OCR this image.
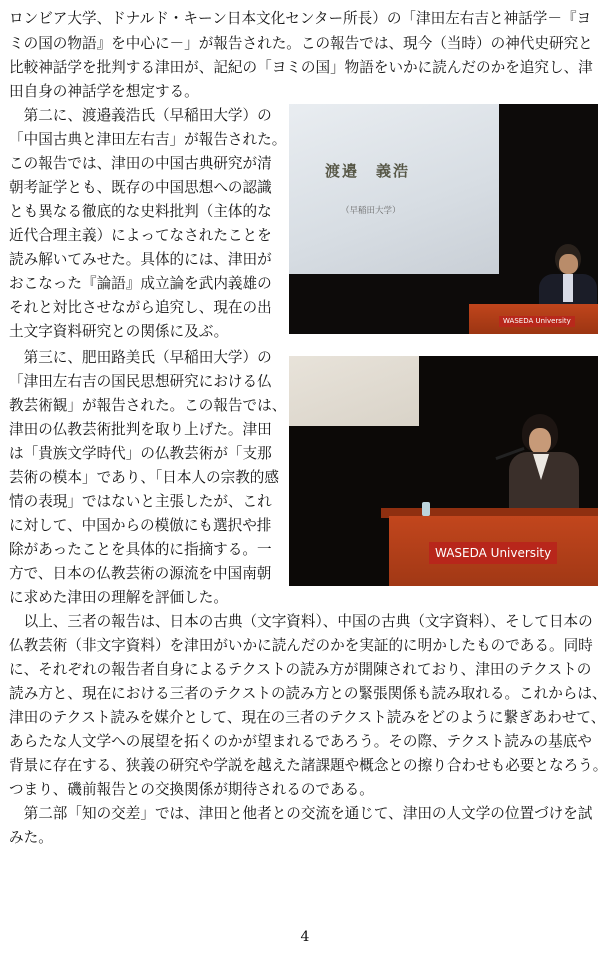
ロンビア大学、ドナルド・キーン日本文化センター所長）の「津田左右吉と神話学－『ヨ
ミの国の物語』を中心に－」が報告された。この報告では、現今（当時）の神代史研究と
比較神話学を批判する津田が、記紀の「ヨミの国」物語をいかに読んだのかを追究し、津
田自身の神話学を想定する。
　第二に、渡邉義浩氏（早稲田大学）の
「中国古典と津田左右吉」が報告された。
この報告では、津田の中国古典研究が清
朝考証学とも、既存の中国思想への認識
とも異なる徹底的な史料批判（主体的な
近代合理主義）によってなされたことを
読み解いてみせた。具体的には、津田が
おこなった『論語』成立論を武内義雄の
それと対比させながら追究し、現在の出
土文字資料研究との関係に及ぶ。
　第三に、肥田路美氏（早稲田大学）の
「津田左右吉の国民思想研究における仏
教芸術観」が報告された。この報告では、
津田の仏教芸術批判を取り上げた。津田
は「貴族文学時代」の仏教芸術が「支那
芸術の模本」であり、「日本人の宗教的感
情の表現」ではないと主張したが、これ
に対して、中国からの模倣にも選択や排
除があったことを具体的に指摘する。一
方で、日本の仏教芸術の源流を中国南朝
に求めた津田の理解を評価した。
　以上、三者の報告は、日本の古典（文字資料）、中国の古典（文字資料）、そして日本の
仏教芸術（非文字資料）を津田がいかに読んだのかを実証的に明かしたものである。同時
に、それぞれの報告者自身によるテクストの読み方が開陳されており、津田のテクストの
読み方と、現在における三者のテクストの読み方との緊張関係も読み取れる。これからは、
津田のテクスト読みを媒介として、現在の三者のテクスト読みをどのように繋ぎあわせて、
あらたな人文学への展望を拓くのかが望まれるであろう。その際、テクスト読みの基底や
背景に存在する、狭義の研究や学説を越えた諸課題や概念との擦り合わせも必要となろう。
つまり、磯前報告との交換関係が期待されるのである。
　第二部「知の交差」では、津田と他者との交流を通じて、津田の人文学の位置づけを試
みた。
渡邉　義浩
（早稲田大学）
WASEDA University
WASEDA University
4
